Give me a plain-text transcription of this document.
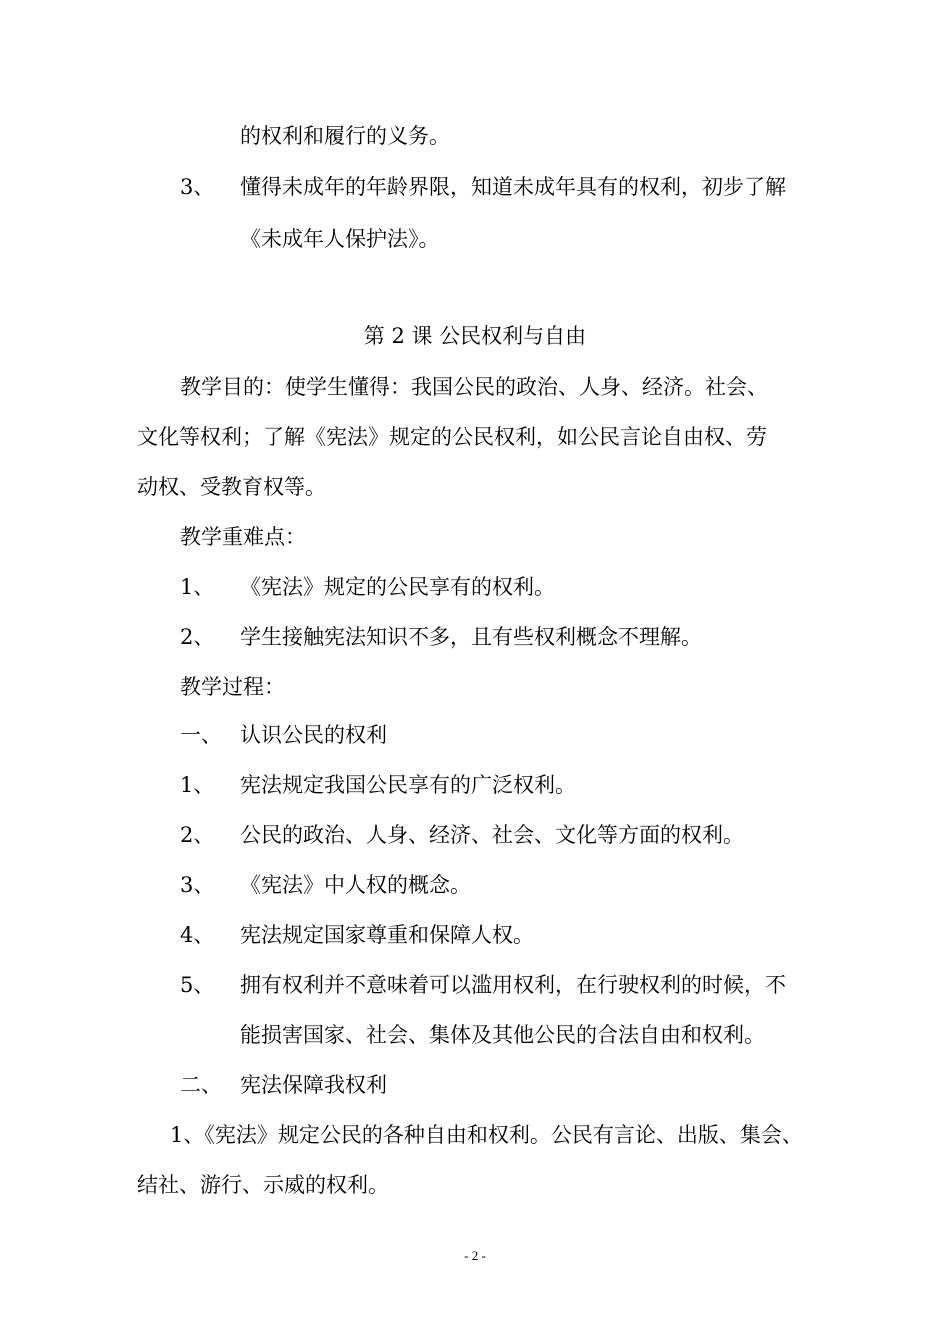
的权利和履行的义务。
3、 懂得未成年的年龄界限，知道未成年具有的权利，初步了解
《未成年人保护法》。
第 2 课 公民权利与自由
教学目的：使学生懂得：我国公民的政治、人身、经济。社会、
文化等权利；了解《宪法》规定的公民权利，如公民言论自由权、劳
动权、受教育权等。
教学重难点：
1、 《宪法》规定的公民享有的权利。
2、 学生接触宪法知识不多，且有些权利概念不理解。
教学过程：
一、 认识公民的权利
1、 宪法规定我国公民享有的广泛权利。
2、 公民的政治、人身、经济、社会、文化等方面的权利。
3、 《宪法》中人权的概念。
4、 宪法规定国家尊重和保障人权。
5、 拥有权利并不意味着可以滥用权利，在行驶权利的时候，不
能损害国家、社会、集体及其他公民的合法自由和权利。
二、 宪法保障我权利
1、《宪法》规定公民的各种自由和权利。公民有言论、出版、集会、
结社、游行、示威的权利。
- 2 -
